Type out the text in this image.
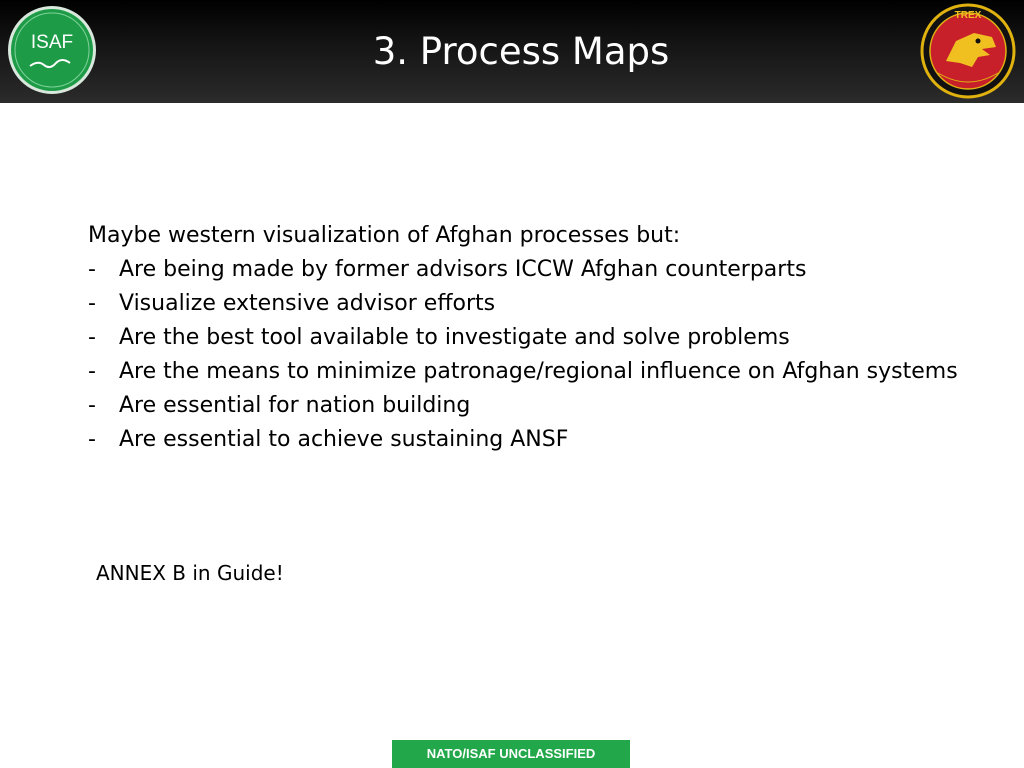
ISAF	3. Process Maps
TREX

Maybe western visualization of Afghan processes but:

- Are being made by former advisors ICCW Afghan counterparts
- Visualize extensive advisor efforts
- Are the best tool available to investigate and solve problems
- Are the means to minimize patronage/regional influence on Afghan systems
- Are essential for nation building
- Are essential to achieve sustaining ANSF
ANNEX B in Guide!
NATO/ISAF UNCLASSIFIED
